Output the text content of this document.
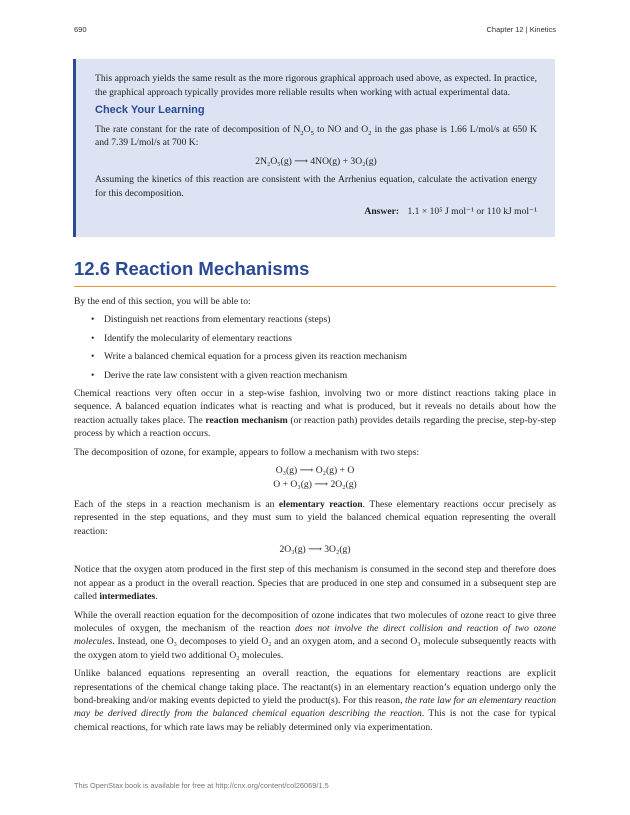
690	Chapter 12 | Kinetics

This approach yields the same result as the more rigorous graphical approach used above, as expected. In practice, the graphical approach typically provides more reliable results when working with actual experimental data.

Check Your Learning

The rate constant for the rate of decomposition of $N_2O_5$ to NO and $O_2$ in the gas phase is 1.66 L/mol/s at 650 K and 7.39 L/mol/s at 700 K:

2N₂O₅(g) ⟶ 4NO(g) + 3O₂(g)

Assuming the kinetics of this reaction are consistent with the Arrhenius equation, calculate the activation energy for this decomposition.

Answer: 1.1 × 10⁵ J mol⁻¹ or 110 kJ mol⁻¹
12.6 Reaction Mechanisms

By the end of this section, you will be able to:

• Distinguish net reactions from elementary reactions (steps)
• Identify the molecularity of elementary reactions
• Write a balanced chemical equation for a process given its reaction mechanism
• Derive the rate law consistent with a given reaction mechanism

Chemical reactions very often occur in a step-wise fashion, involving two or more distinct reactions taking place in sequence. A balanced equation indicates what is reacting and what is produced, but it reveals no details about how the reaction actually takes place. The reaction mechanism (or reaction path) provides details regarding the precise, step-by-step process by which a reaction occurs.

The decomposition of ozone, for example, appears to follow a mechanism with two steps:

O₃(g) ⟶ O₂(g) + O
O + O₃(g) ⟶ 2O₂(g)

Each of the steps in a reaction mechanism is an elementary reaction. These elementary reactions occur precisely as represented in the step equations, and they must sum to yield the balanced chemical equation representing the overall reaction:

2O₃(g) ⟶ 3O₂(g)

Notice that the oxygen atom produced in the first step of this mechanism is consumed in the second step and therefore does not appear as a product in the overall reaction. Species that are produced in one step and consumed in a subsequent step are called intermediates.

While the overall reaction equation for the decomposition of ozone indicates that two molecules of ozone react to give three molecules of oxygen, the mechanism of the reaction does not involve the direct collision and reaction of two ozone molecules. Instead, one O₃ decomposes to yield O₂ and an oxygen atom, and a second O₃ molecule subsequently reacts with the oxygen atom to yield two additional O₂ molecules.

Unlike balanced equations representing an overall reaction, the equations for elementary reactions are explicit representations of the chemical change taking place. The reactant(s) in an elementary reaction’s equation undergo only the bond-breaking and/or making events depicted to yield the product(s). For this reason, the rate law for an elementary reaction may be derived directly from the balanced chemical equation describing the reaction. This is not the case for typical chemical reactions, for which rate laws may be reliably determined only via experimentation.

This OpenStax book is available for free at http://cnx.org/content/col26069/1.5
